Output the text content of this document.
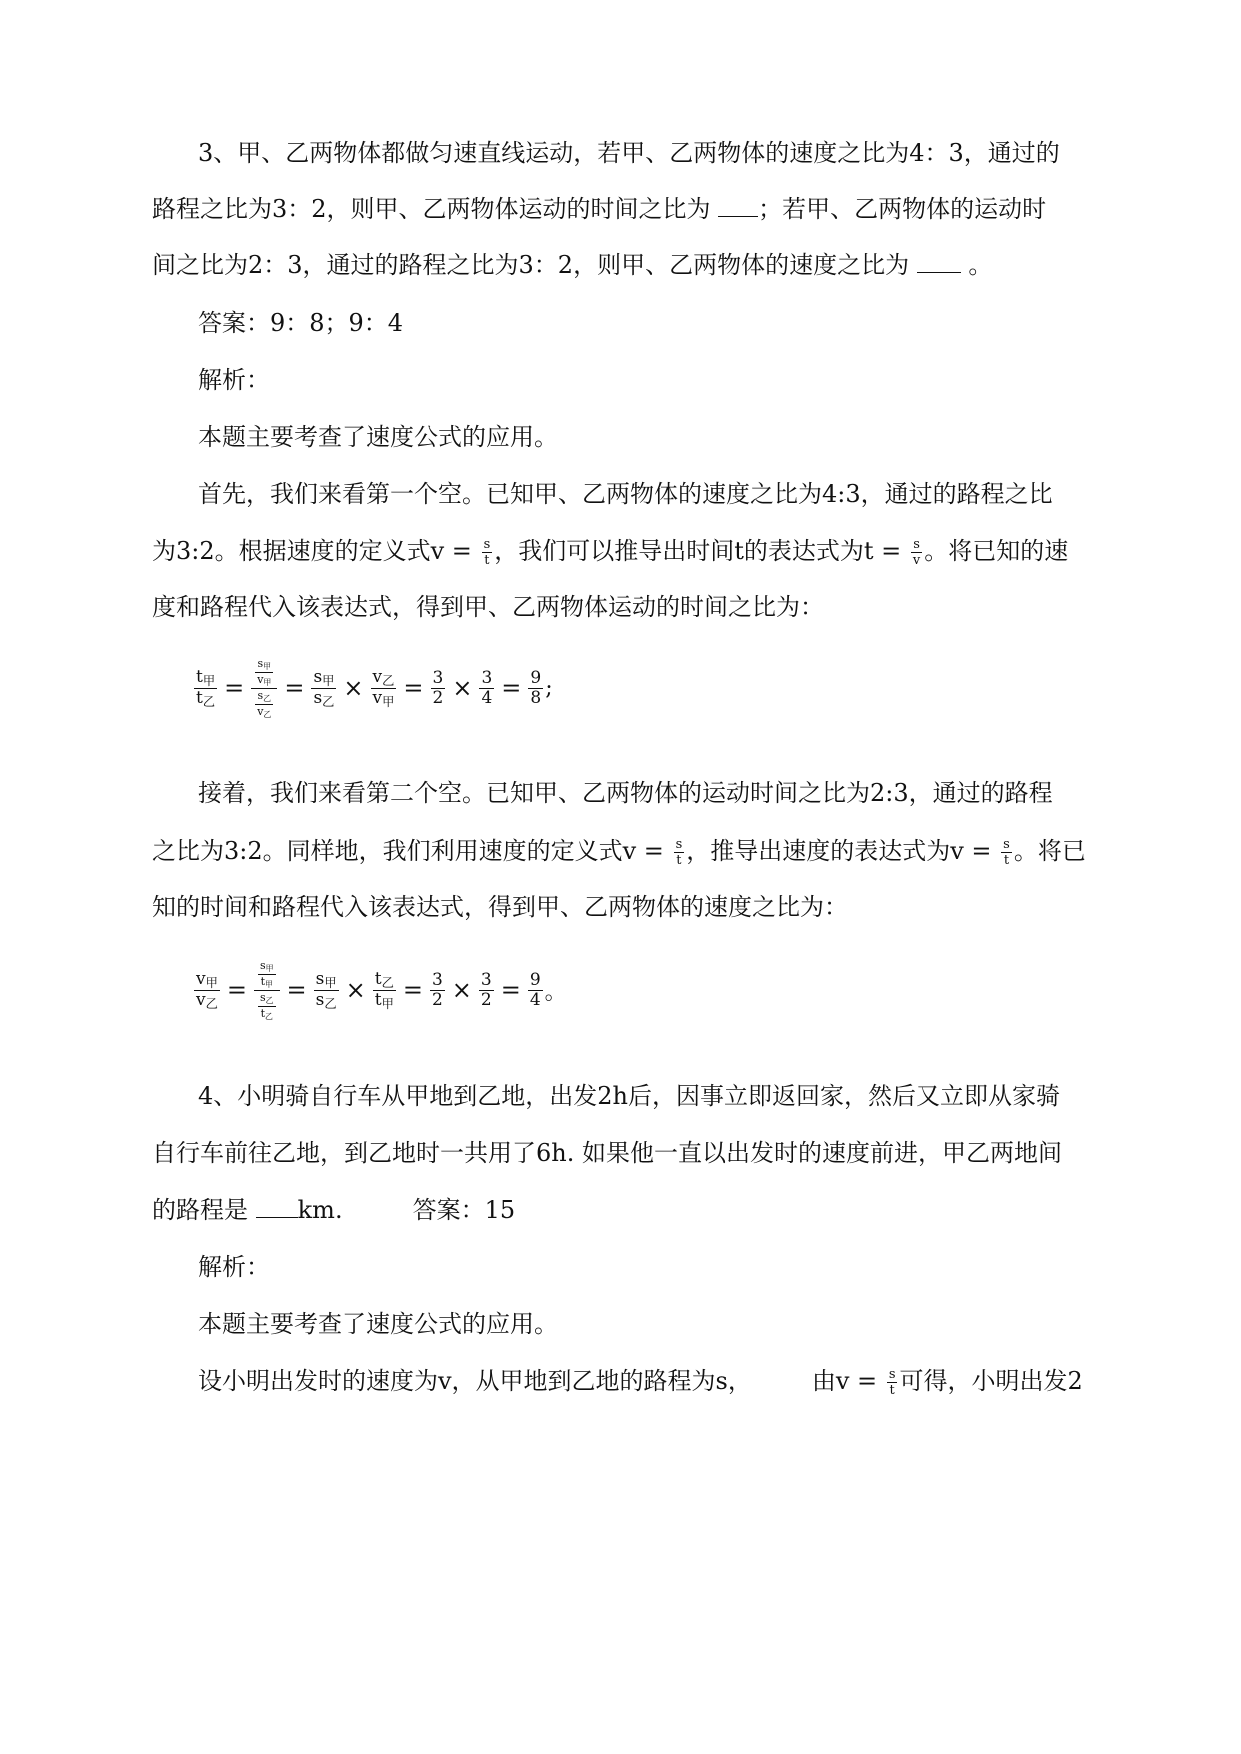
3、甲、乙两物体都做匀速直线运动，若甲、乙两物体的速度之比为4：3，通过的
路程之比为3：2，则甲、乙两物体运动的时间之比为 ；若甲、乙两物体的运动时
间之比为2：3，通过的路程之比为3：2，则甲、乙两物体的速度之比为  。
答案：9：8；9：4
解析：
本题主要考查了速度公式的应用。
首先，我们来看第一个空。已知甲、乙两物体的速度之比为4:3，通过的路程之比
为3:2。根据速度的定义式$v = \frac{s}{t}$ ，我们可以推导出时间t的表达式为$t = \frac{s}{v}$ 。将已知的速
度和路程代入该表达式，得到甲、乙两物体运动的时间之比为：
$\frac{t_甲}{t_乙} = \frac{\frac{s_甲}{v_甲}}{\frac{s_乙}{v_乙}} = \frac{s_甲}{s_乙} \times \frac{v_乙}{v_甲} = \frac{3}{2} \times \frac{3}{4} = \frac{9}{8}$ ;
接着，我们来看第二个空。已知甲、乙两物体的运动时间之比为2:3，通过的路程
之比为3:2。同样地，我们利用速度的定义式$v = \frac{s}{t}$ ，推导出速度的表达式为$v = \frac{s}{t}$ 。将已
知的时间和路程代入该表达式，得到甲、乙两物体的速度之比为：
$\frac{v_甲}{v_乙} = \frac{\frac{s_甲}{t_甲}}{\frac{s_乙}{t_乙}} = \frac{s_甲}{s_乙} \times \frac{t_乙}{t_甲} = \frac{3}{2} \times \frac{3}{2} = \frac{9}{4}$ 。
4、小明骑自行车从甲地到乙地，出发2h后，因事立即返回家，然后又立即从家骑
自行车前往乙地，到乙地时一共用了6h. 如果他一直以出发时的速度前进，甲乙两地间
的路程是 km.	答案：15
解析：
本题主要考查了速度公式的应用。
设小明出发时的速度为v，从甲地到乙地的路程为s，	由$v = \frac{s}{t}$ 可得，小明出发2
